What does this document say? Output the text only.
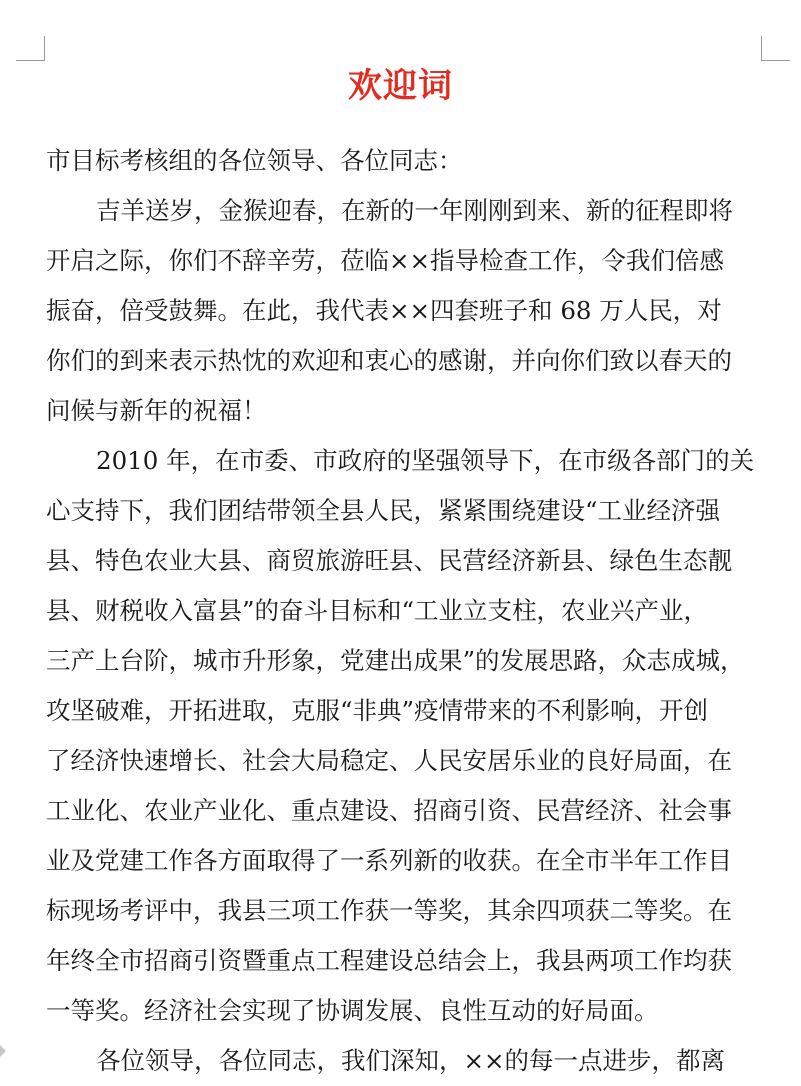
欢迎词

市目标考核组的各位领导、各位同志：

吉羊送岁，金猴迎春，在新的一年刚刚到来、新的征程即将

开启之际，你们不辞辛劳，莅临××指导检查工作，令我们倍感

振奋，倍受鼓舞。在此，我代表××四套班子和 68 万人民，对

你们的到来表示热忱的欢迎和衷心的感谢，并向你们致以春天的

问候与新年的祝福！

2010 年，在市委、市政府的坚强领导下，在市级各部门的关

心支持下，我们团结带领全县人民，紧紧围绕建设“工业经济强

县、特色农业大县、商贸旅游旺县、民营经济新县、绿色生态靓

县、财税收入富县”的奋斗目标和“工业立支柱，农业兴产业，

三产上台阶，城市升形象，党建出成果”的发展思路，众志成城，

攻坚破难，开拓进取，克服“非典”疫情带来的不利影响，开创

了经济快速增长、社会大局稳定、人民安居乐业的良好局面，在

工业化、农业产业化、重点建设、招商引资、民营经济、社会事

业及党建工作各方面取得了一系列新的收获。在全市半年工作目

标现场考评中，我县三项工作获一等奖，其余四项获二等奖。在

年终全市招商引资暨重点工程建设总结会上，我县两项工作均获

一等奖。经济社会实现了协调发展、良性互动的好局面。

各位领导，各位同志，我们深知，××的每一点进步，都离
